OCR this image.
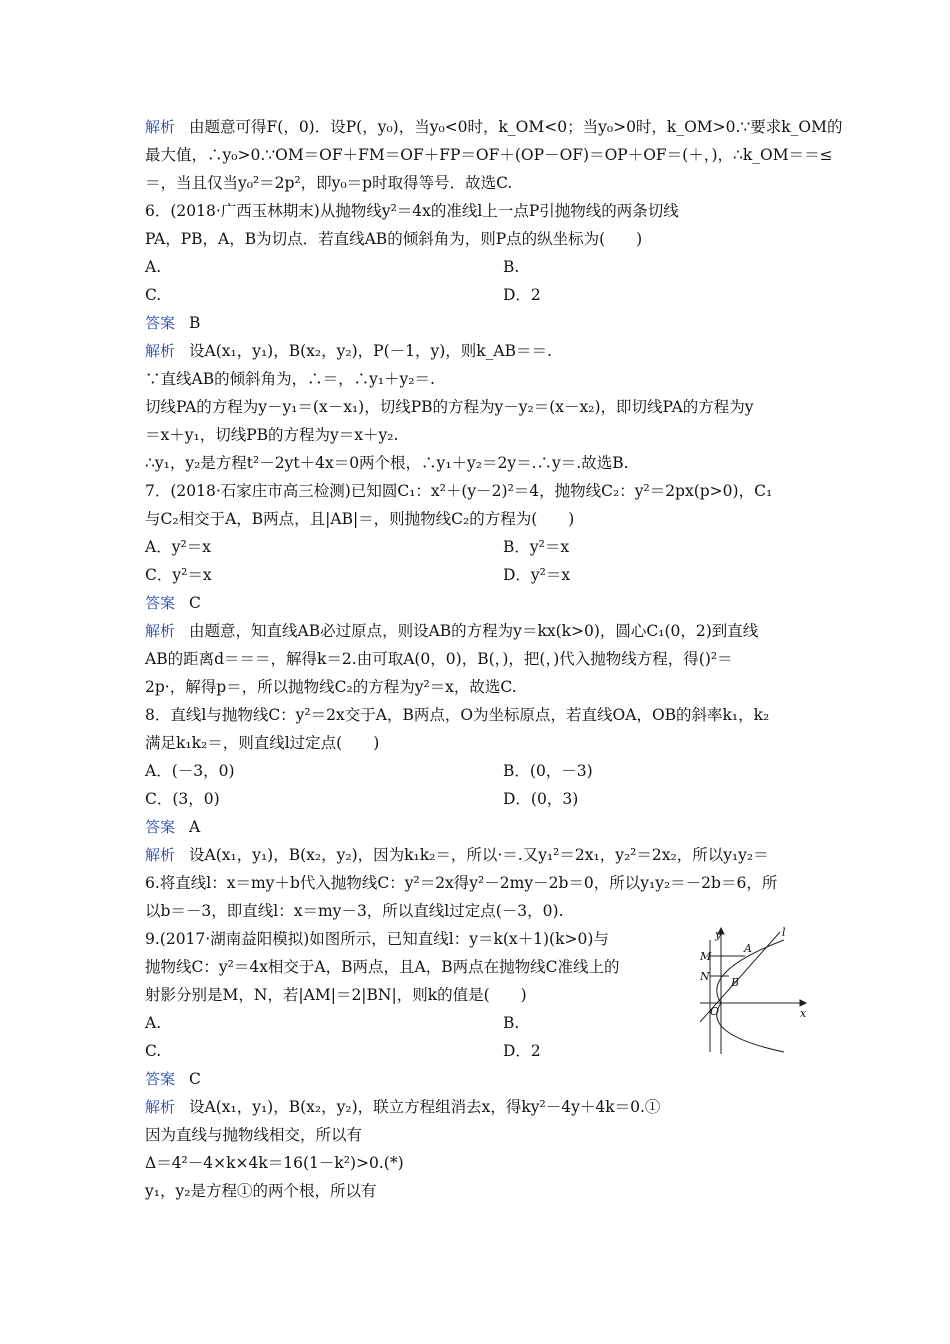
解析 由题意可得F(，0)．设P(，y₀)，当y₀<0时，k_OM<0；当y₀>0时，k_OM>0.∵要求k_OM的
最大值，∴y₀>0.∵OM＝OF＋FM＝OF＋FP＝OF＋(OP－OF)＝OP＋OF＝(＋，)，∴k_OM＝＝≤
＝，当且仅当y₀²＝2p²，即y₀＝p时取得等号．故选C.
6．(2018·广西玉林期末)从抛物线y²＝4x的准线l上一点P引抛物线的两条切线
PA，PB，A，B为切点．若直线AB的倾斜角为，则P点的纵坐标为(　　)
A.	B.
C.	D．2
答案 B
解析 设A(x₁，y₁)，B(x₂，y₂)，P(－1，y)，则k_AB＝＝.
∵直线AB的倾斜角为，∴＝，∴y₁＋y₂＝.
切线PA的方程为y－y₁＝(x－x₁)，切线PB的方程为y－y₂＝(x－x₂)，即切线PA的方程为y
＝x＋y₁，切线PB的方程为y＝x＋y₂.
∴y₁，y₂是方程t²－2yt＋4x＝0两个根，∴y₁＋y₂＝2y＝.∴y＝.故选B.
7．(2018·石家庄市高三检测)已知圆C₁：x²＋(y－2)²＝4，抛物线C₂：y²＝2px(p>0)，C₁
与C₂相交于A，B两点，且|AB|＝，则抛物线C₂的方程为(　　)
A．y²＝x	B．y²＝x
C．y²＝x	D．y²＝x
答案 C
解析 由题意，知直线AB必过原点，则设AB的方程为y＝kx(k>0)，圆心C₁(0，2)到直线
AB的距离d＝＝＝，解得k＝2.由可取A(0，0)，B(，)，把(，)代入抛物线方程，得()²＝
2p·，解得p＝，所以抛物线C₂的方程为y²＝x，故选C.
8．直线l与抛物线C：y²＝2x交于A，B两点，O为坐标原点，若直线OA，OB的斜率k₁，k₂
满足k₁k₂＝，则直线l过定点(　　)
A．(－3，0)	B．(0，－3)
C．(3，0)	D．(0，3)
答案 A
解析 设A(x₁，y₁)，B(x₂，y₂)，因为k₁k₂＝，所以·＝.又y₁²＝2x₁，y₂²＝2x₂，所以y₁y₂＝
6.将直线l：x＝my＋b代入抛物线C：y²＝2x得y²－2my－2b＝0，所以y₁y₂＝－2b＝6，所
以b＝－3，即直线l：x＝my－3，所以直线l过定点(－3，0).
9.(2017·湖南益阳模拟)如图所示，已知直线l：y＝k(x＋1)(k>0)与
抛物线C：y²＝4x相交于A，B两点，且A，B两点在抛物线C准线上的
射影分别是M，N，若|AM|＝2|BN|，则k的值是(　　)
A.	B.
C.	D．2
答案 C
解析 设A(x₁，y₁)，B(x₂，y₂)，联立方程组消去x，得ky²－4y＋4k＝0.①
因为直线与抛物线相交，所以有
Δ＝4²－4×k×4k＝16(1－k²)>0.(*)
y₁，y₂是方程①的两个根，所以有
y
x
l
A
B
M
N
O
